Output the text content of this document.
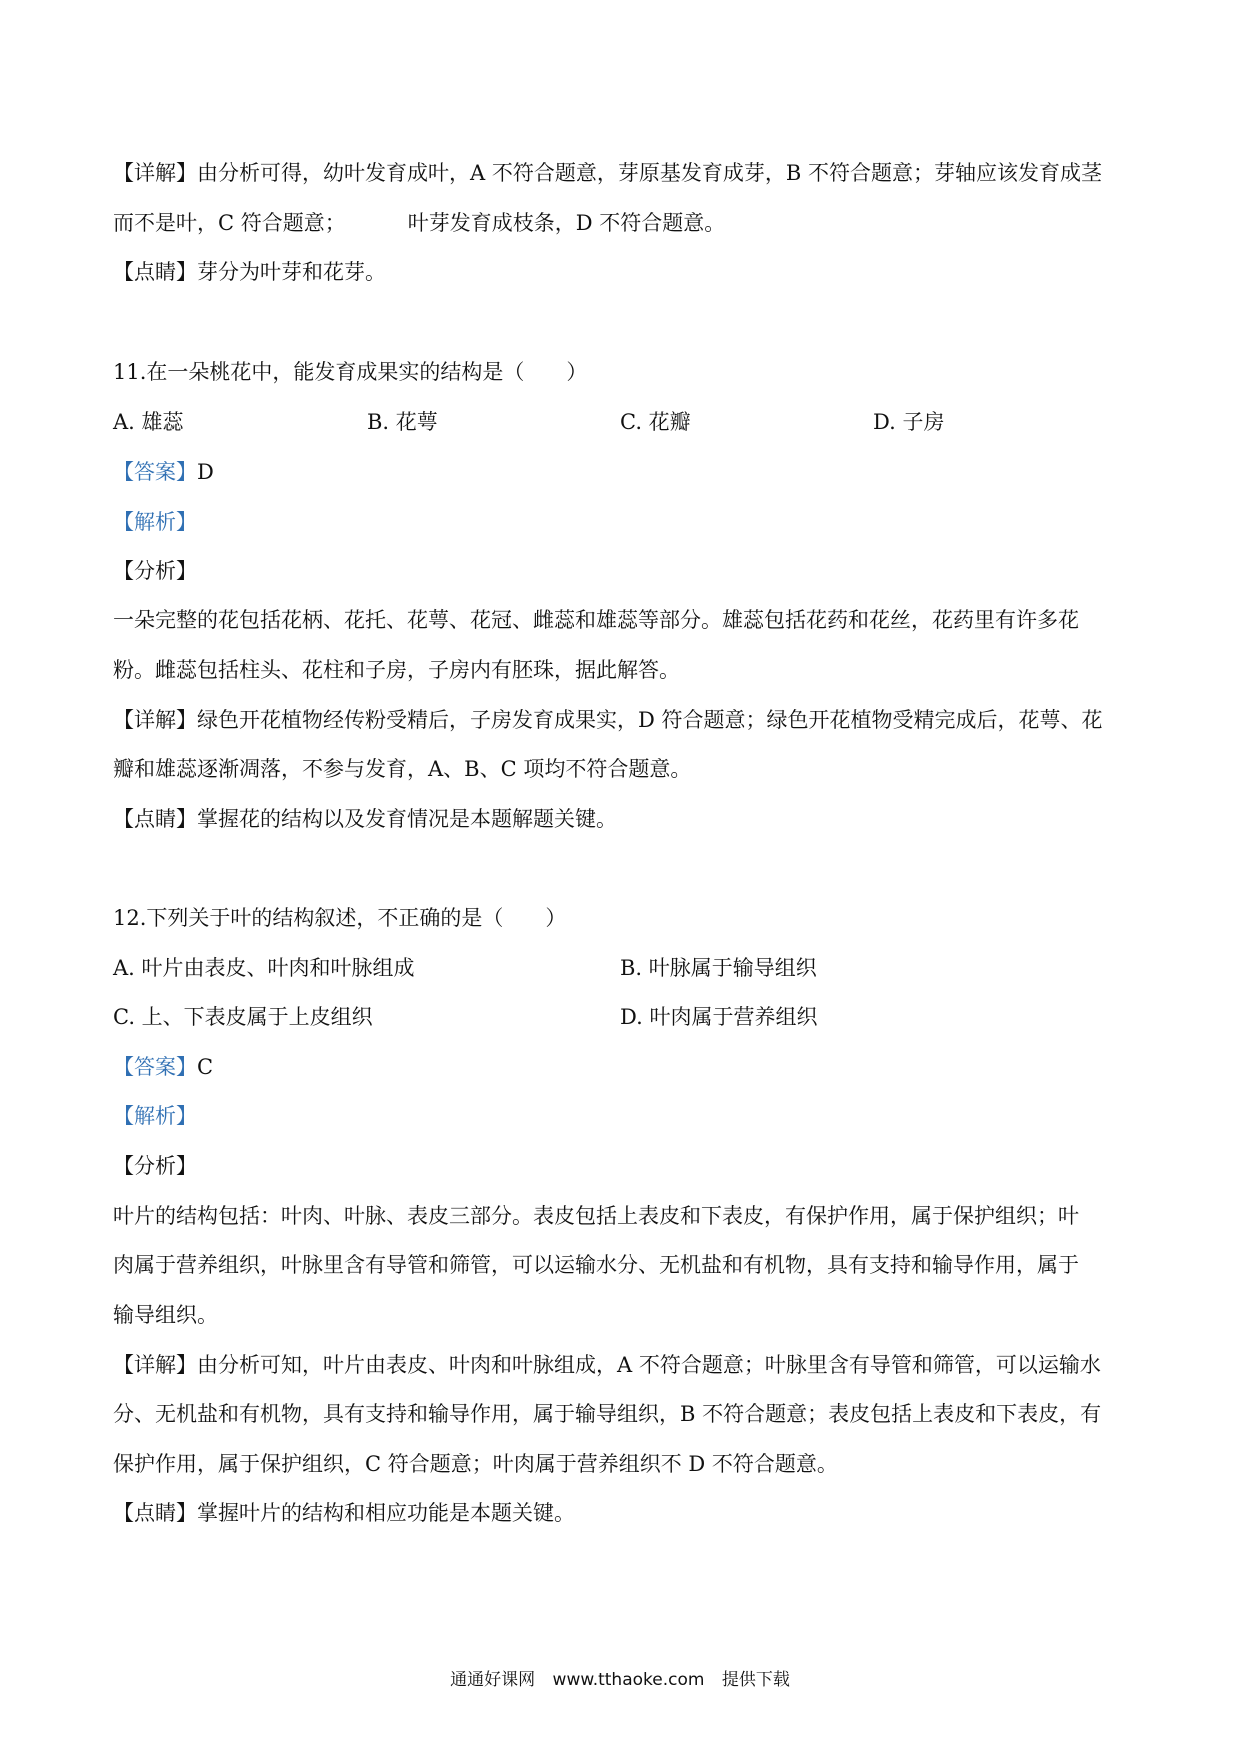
【详解】由分析可得，幼叶发育成叶，A 不符合题意，芽原基发育成芽，B 不符合题意；芽轴应该发育成茎
而不是叶，C 符合题意；	叶芽发育成枝条，D 不符合题意。
【点睛】芽分为叶芽和花芽。
11.在一朵桃花中，能发育成果实的结构是（　　）
A. 雄蕊	B. 花萼	C. 花瓣	D. 子房
【答案】D
【解析】
【分析】
一朵完整的花包括花柄、花托、花萼、花冠、雌蕊和雄蕊等部分。雄蕊包括花药和花丝，花药里有许多花
粉。雌蕊包括柱头、花柱和子房，子房内有胚珠，据此解答。
【详解】绿色开花植物经传粉受精后，子房发育成果实，D 符合题意；绿色开花植物受精完成后，花萼、花
瓣和雄蕊逐渐凋落，不参与发育，A、B、C 项均不符合题意。
【点睛】掌握花的结构以及发育情况是本题解题关键。
12.下列关于叶的结构叙述，不正确的是（　　）
A. 叶片由表皮、叶肉和叶脉组成	B. 叶脉属于输导组织
C. 上、下表皮属于上皮组织	D. 叶肉属于营养组织
【答案】C
【解析】
【分析】
叶片的结构包括：叶肉、叶脉、表皮三部分。表皮包括上表皮和下表皮，有保护作用，属于保护组织；叶
肉属于营养组织，叶脉里含有导管和筛管，可以运输水分、无机盐和有机物，具有支持和输导作用，属于
输导组织。
【详解】由分析可知，叶片由表皮、叶肉和叶脉组成，A 不符合题意；叶脉里含有导管和筛管，可以运输水
分、无机盐和有机物，具有支持和输导作用，属于输导组织，B 不符合题意；表皮包括上表皮和下表皮，有
保护作用，属于保护组织，C 符合题意；叶肉属于营养组织不 D 不符合题意。
【点睛】掌握叶片的结构和相应功能是本题关键。
通通好课网 www.tthaoke.com 提供下载
